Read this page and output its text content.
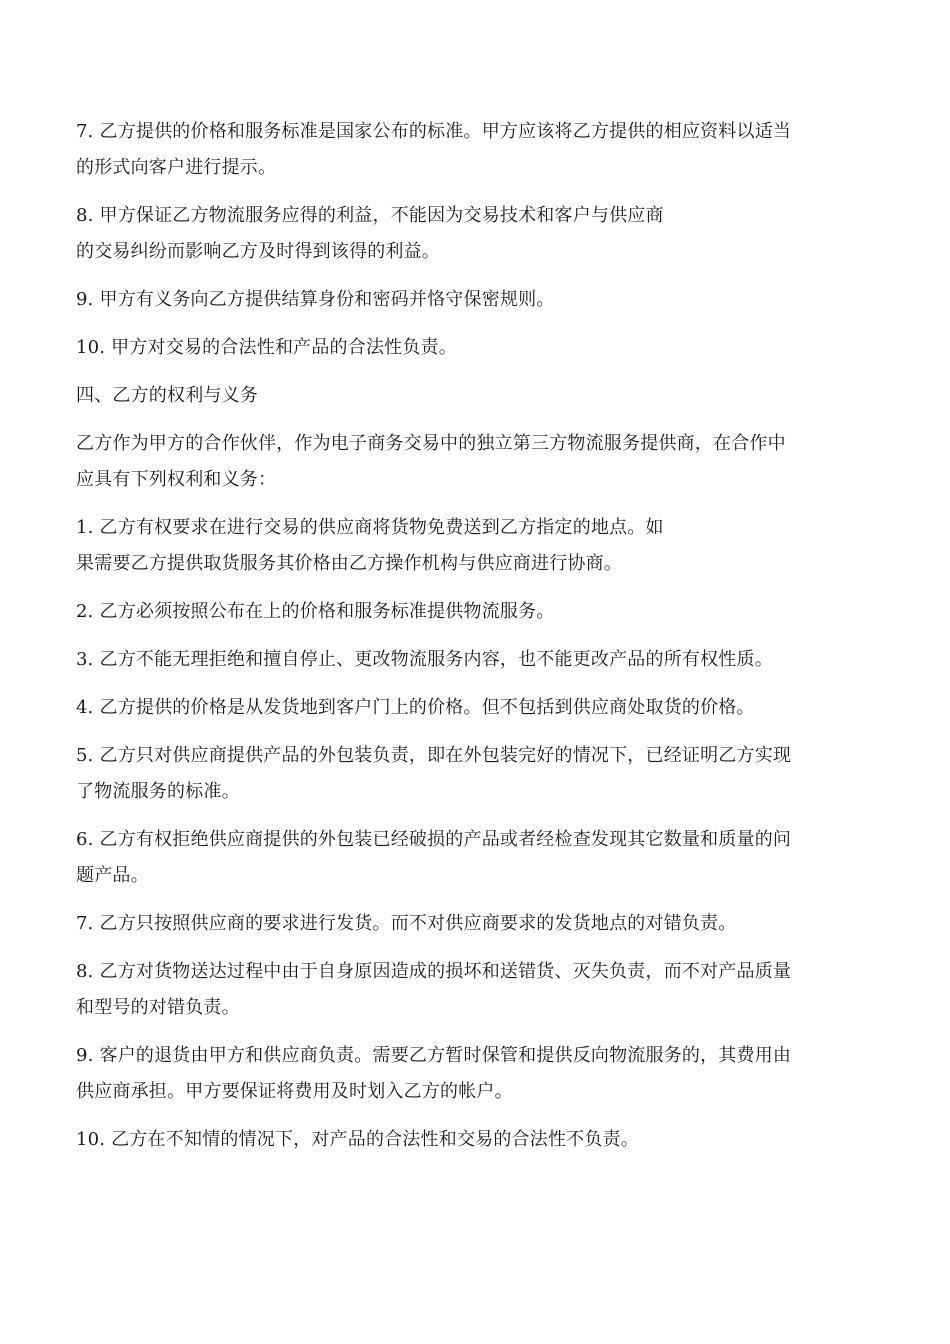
7. 乙方提供的价格和服务标准是国家公布的标准。甲方应该将乙方提供的相应资料以适当
的形式向客户进行提示。

8. 甲方保证乙方物流服务应得的利益，不能因为交易技术和客户与供应商
的交易纠纷而影响乙方及时得到该得的利益。

9. 甲方有义务向乙方提供结算身份和密码并恪守保密规则。

10. 甲方对交易的合法性和产品的合法性负责。

四、乙方的权利与义务

乙方作为甲方的合作伙伴，作为电子商务交易中的独立第三方物流服务提供商，在合作中
应具有下列权利和义务：

1. 乙方有权要求在进行交易的供应商将货物免费送到乙方指定的地点。如
果需要乙方提供取货服务其价格由乙方操作机构与供应商进行协商。

2. 乙方必须按照公布在上的价格和服务标准提供物流服务。

3. 乙方不能无理拒绝和擅自停止、更改物流服务内容，也不能更改产品的所有权性质。

4. 乙方提供的价格是从发货地到客户门上的价格。但不包括到供应商处取货的价格。

5. 乙方只对供应商提供产品的外包装负责，即在外包装完好的情况下，已经证明乙方实现
了物流服务的标准。

6. 乙方有权拒绝供应商提供的外包装已经破损的产品或者经检查发现其它数量和质量的问
题产品。

7. 乙方只按照供应商的要求进行发货。而不对供应商要求的发货地点的对错负责。

8. 乙方对货物送达过程中由于自身原因造成的损坏和送错货、灭失负责，而不对产品质量
和型号的对错负责。

9. 客户的退货由甲方和供应商负责。需要乙方暂时保管和提供反向物流服务的，其费用由
供应商承担。甲方要保证将费用及时划入乙方的帐户。

10. 乙方在不知情的情况下，对产品的合法性和交易的合法性不负责。
